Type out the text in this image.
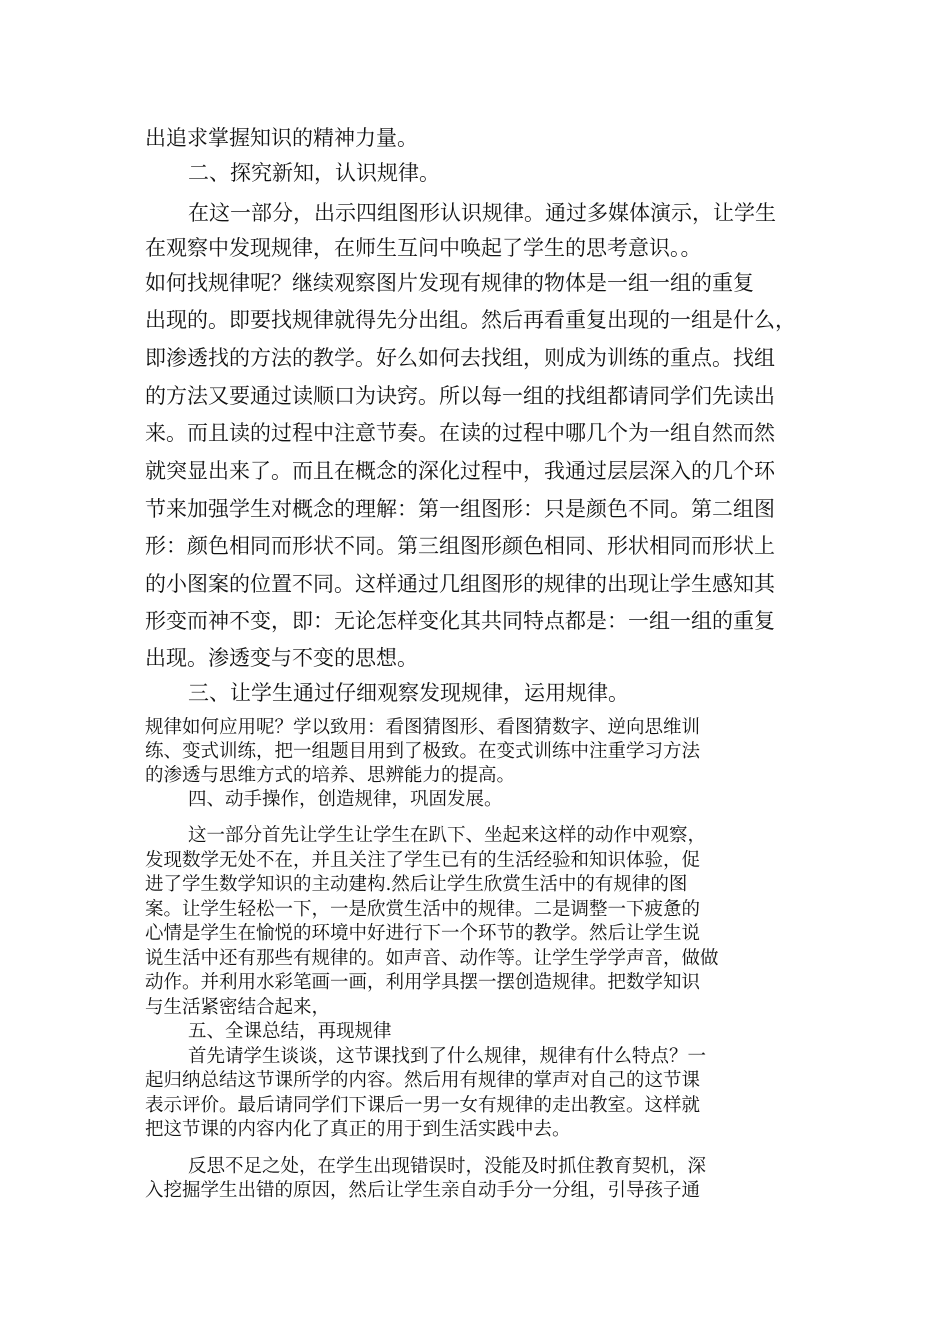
出追求掌握知识的精神力量。
二、探究新知，认识规律。
在这一部分，出示四组图形认识规律。通过多媒体演示，让学生
在观察中发现规律，在师生互问中唤起了学生的思考意识。。
如何找规律呢？继续观察图片发现有规律的物体是一组一组的重复
出现的。即要找规律就得先分出组。然后再看重复出现的一组是什么，
即渗透找的方法的教学。好么如何去找组，则成为训练的重点。找组
的方法又要通过读顺口为诀窍。所以每一组的找组都请同学们先读出
来。而且读的过程中注意节奏。在读的过程中哪几个为一组自然而然
就突显出来了。而且在概念的深化过程中，我通过层层深入的几个环
节来加强学生对概念的理解：第一组图形：只是颜色不同。第二组图
形：颜色相同而形状不同。第三组图形颜色相同、形状相同而形状上
的小图案的位置不同。这样通过几组图形的规律的出现让学生感知其
形变而神不变，即：无论怎样变化其共同特点都是：一组一组的重复
出现。渗透变与不变的思想。
三、让学生通过仔细观察发现规律，运用规律。
规律如何应用呢？学以致用：看图猜图形、看图猜数字、逆向思维训
练、变式训练，把一组题目用到了极致。在变式训练中注重学习方法
的渗透与思维方式的培养、思辨能力的提高。
四、动手操作，创造规律，巩固发展。
这一部分首先让学生让学生在趴下、坐起来这样的动作中观察，
发现数学无处不在，并且关注了学生已有的生活经验和知识体验，促
进了学生数学知识的主动建构.然后让学生欣赏生活中的有规律的图
案。让学生轻松一下，一是欣赏生活中的规律。二是调整一下疲惫的
心情是学生在愉悦的环境中好进行下一个环节的教学。然后让学生说
说生活中还有那些有规律的。如声音、动作等。让学生学学声音，做做
动作。并利用水彩笔画一画，利用学具摆一摆创造规律。把数学知识
与生活紧密结合起来，
五、全课总结，再现规律
首先请学生谈谈，这节课找到了什么规律，规律有什么特点？一
起归纳总结这节课所学的内容。然后用有规律的掌声对自己的这节课
表示评价。最后请同学们下课后一男一女有规律的走出教室。这样就
把这节课的内容内化了真正的用于到生活实践中去。
反思不足之处，在学生出现错误时，没能及时抓住教育契机，深
入挖掘学生出错的原因，然后让学生亲自动手分一分组，引导孩子通
